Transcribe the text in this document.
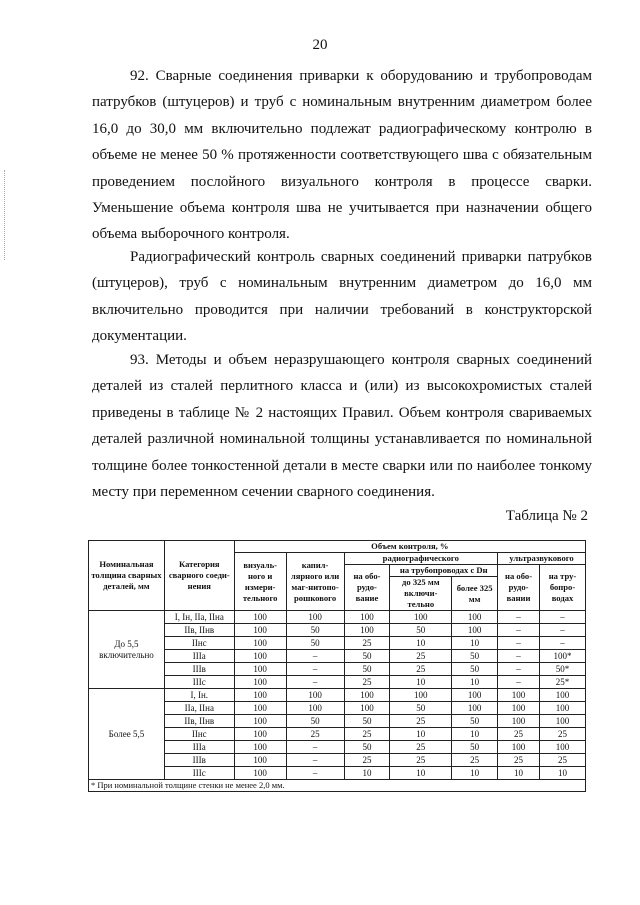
20

92. Сварные соединения приварки к оборудованию и трубопроводам патрубков (штуцеров) и труб с номинальным внутренним диаметром более 16,0 до 30,0 мм включительно подлежат радиографическому контролю в объеме не менее 50 % протяженности соответствующего шва с обязательным проведением послойного визуального контроля в процессе сварки. Уменьшение объема контроля шва не учитывается при назначении общего объема выборочного контроля.

Радиографический контроль сварных соединений приварки патрубков (штуцеров), труб с номинальным внутренним диаметром до 16,0 мм включительно проводится при наличии требований в конструкторской документации.

93. Методы и объем неразрушающего контроля сварных соединений деталей из сталей перлитного класса и (или) из высокохромистых сталей приведены в таблице № 2 настоящих Правил. Объем контроля свариваемых деталей различной номинальной толщины устанавливается по номинальной толщине более тонкостенной детали в месте сварки или по наиболее тонкому месту при переменном сечении сварного соединения.

Таблица № 2
Номинальная толщина сварных деталей, мм	Категория сварного соеди-нения	Объем контроля, %						
		визуаль-ного и измери-тельного	капил-лярного или маг-нитопо-рошкового	радиографического			ультразвукового	
				на обо-рудо-вание	на трубопроводах с Dн		на обо-рудо-вании	на тру-бопро-водах
					до 325 мм включи-тельно	более 325 мм		
До 5,5 включительно	I, Iн, IIа, IIна	100	100	100	100	100	–	–
	IIв, IIнв	100	50	100	50	100	–	–
	IIнс	100	50	25	10	10	–	–
	IIIа	100	–	50	25	50	–	100*
	IIIв	100	–	50	25	50	–	50*
	IIIс	100	–	25	10	10	–	25*
Более 5,5	I, Iн.	100	100	100	100	100	100	100
	IIа, IIна	100	100	100	50	100	100	100
	IIв, IIнв	100	50	50	25	50	100	100
	IIнс	100	25	25	10	10	25	25
	IIIа	100	–	50	25	50	100	100
	IIIв	100	–	25	25	25	25	25
	IIIс	100	–	10	10	10	10	10
* При номинальной толщине стенки не менее 2,0 мм.								
